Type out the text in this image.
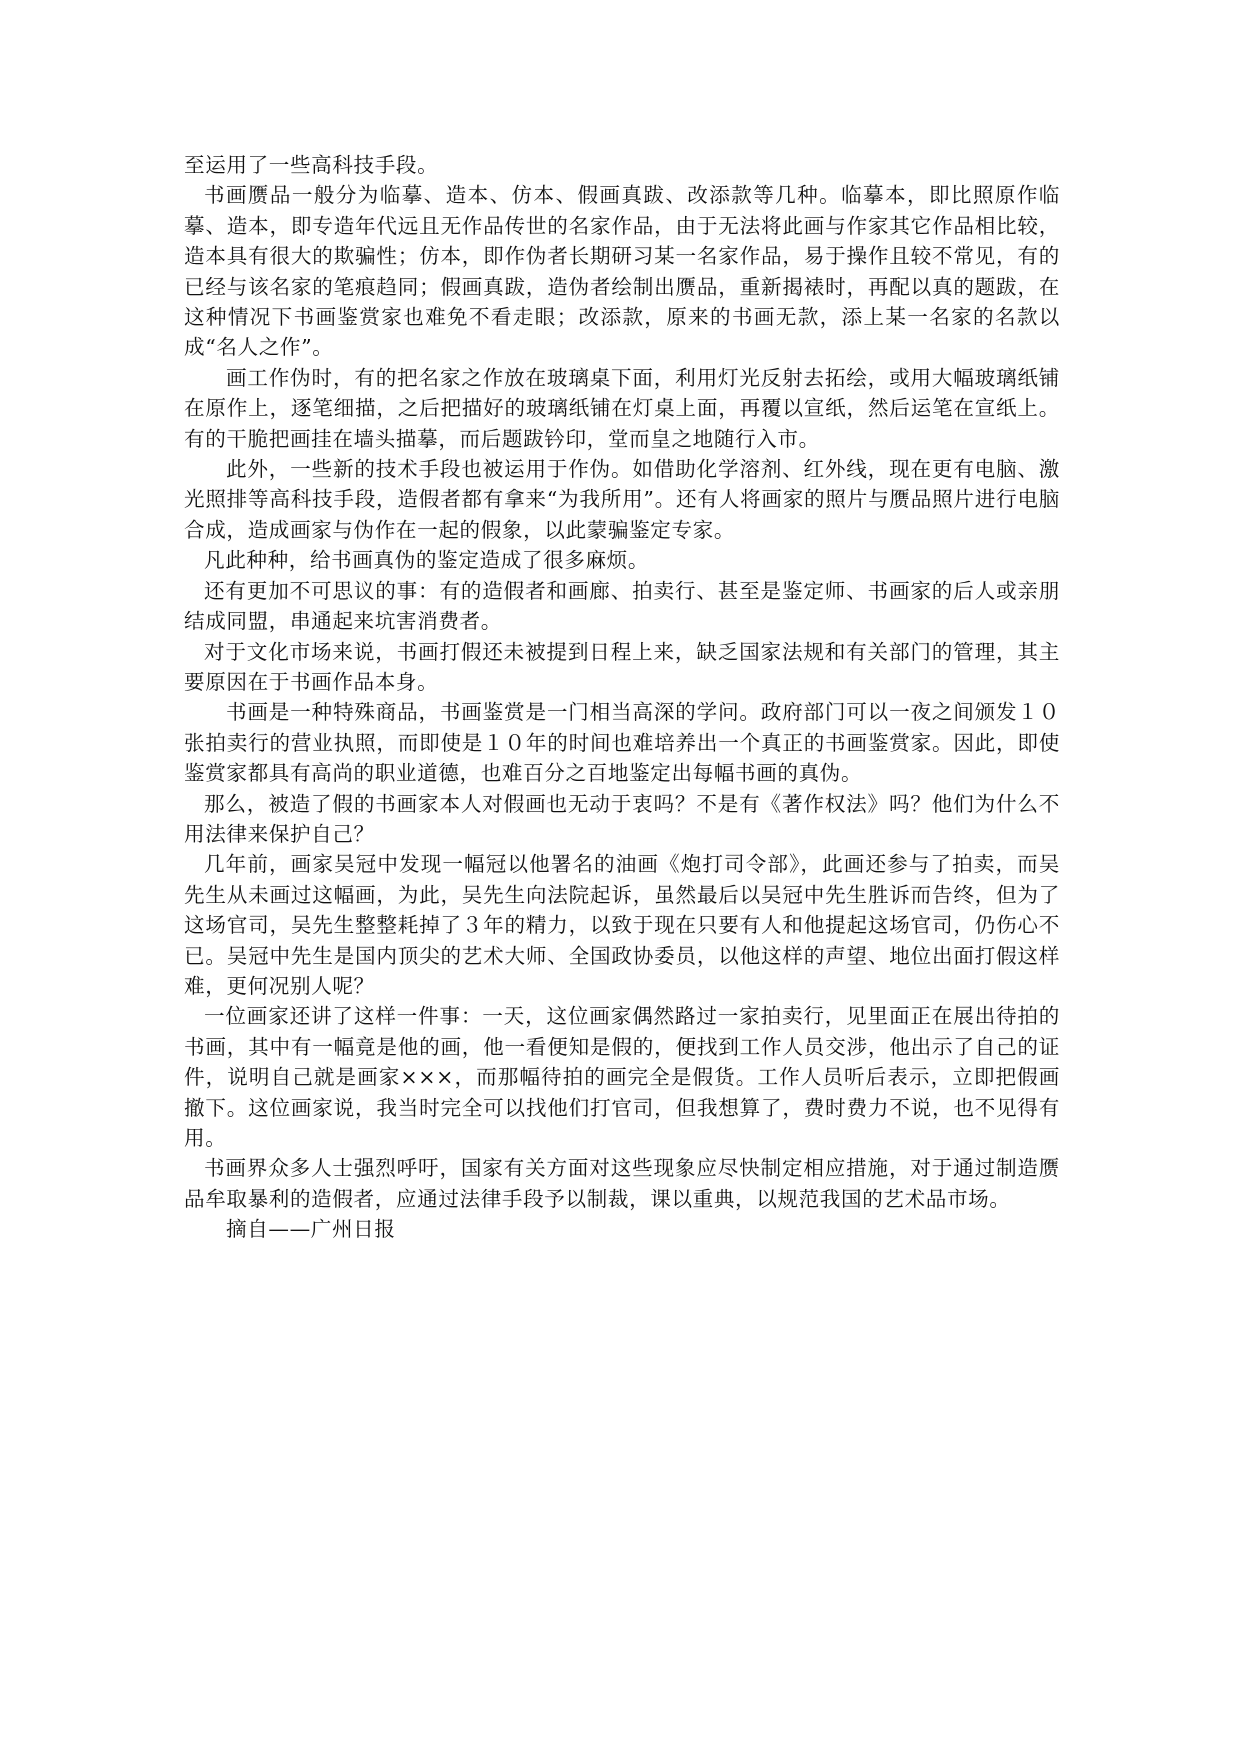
至运用了一些高科技手段。

书画赝品一般分为临摹、造本、仿本、假画真跋、改添款等几种。临摹本，即比照原作临摹、造本，即专造年代远且无作品传世的名家作品，由于无法将此画与作家其它作品相比较，造本具有很大的欺骗性；仿本，即作伪者长期研习某一名家作品，易于操作且较不常见，有的已经与该名家的笔痕趋同；假画真跋，造伪者绘制出赝品，重新揭裱时，再配以真的题跋，在这种情况下书画鉴赏家也难免不看走眼；改添款，原来的书画无款，添上某一名家的名款以成“名人之作”。

画工作伪时，有的把名家之作放在玻璃桌下面，利用灯光反射去拓绘，或用大幅玻璃纸铺在原作上，逐笔细描，之后把描好的玻璃纸铺在灯桌上面，再覆以宣纸，然后运笔在宣纸上。有的干脆把画挂在墙头描摹，而后题跋钤印，堂而皇之地随行入市。

此外，一些新的技术手段也被运用于作伪。如借助化学溶剂、红外线，现在更有电脑、激光照排等高科技手段，造假者都有拿来“为我所用”。还有人将画家的照片与赝品照片进行电脑合成，造成画家与伪作在一起的假象，以此蒙骗鉴定专家。

凡此种种，给书画真伪的鉴定造成了很多麻烦。

还有更加不可思议的事：有的造假者和画廊、拍卖行、甚至是鉴定师、书画家的后人或亲朋结成同盟，串通起来坑害消费者。

对于文化市场来说，书画打假还未被提到日程上来，缺乏国家法规和有关部门的管理，其主要原因在于书画作品本身。

书画是一种特殊商品，书画鉴赏是一门相当高深的学问。政府部门可以一夜之间颁发１０张拍卖行的营业执照，而即使是１０年的时间也难培养出一个真正的书画鉴赏家。因此，即使鉴赏家都具有高尚的职业道德，也难百分之百地鉴定出每幅书画的真伪。

那么，被造了假的书画家本人对假画也无动于衷吗？不是有《著作权法》吗？他们为什么不用法律来保护自己？

几年前，画家吴冠中发现一幅冠以他署名的油画《炮打司令部》，此画还参与了拍卖，而吴先生从未画过这幅画，为此，吴先生向法院起诉，虽然最后以吴冠中先生胜诉而告终，但为了这场官司，吴先生整整耗掉了３年的精力，以致于现在只要有人和他提起这场官司，仍伤心不已。吴冠中先生是国内顶尖的艺术大师、全国政协委员，以他这样的声望、地位出面打假这样难，更何况别人呢？

一位画家还讲了这样一件事：一天，这位画家偶然路过一家拍卖行，见里面正在展出待拍的书画，其中有一幅竟是他的画，他一看便知是假的，便找到工作人员交涉，他出示了自己的证件，说明自己就是画家×××，而那幅待拍的画完全是假货。工作人员听后表示，立即把假画撤下。这位画家说，我当时完全可以找他们打官司，但我想算了，费时费力不说，也不见得有用。

书画界众多人士强烈呼吁，国家有关方面对这些现象应尽快制定相应措施，对于通过制造赝品牟取暴利的造假者，应通过法律手段予以制裁，课以重典，以规范我国的艺术品市场。

摘自——广州日报
